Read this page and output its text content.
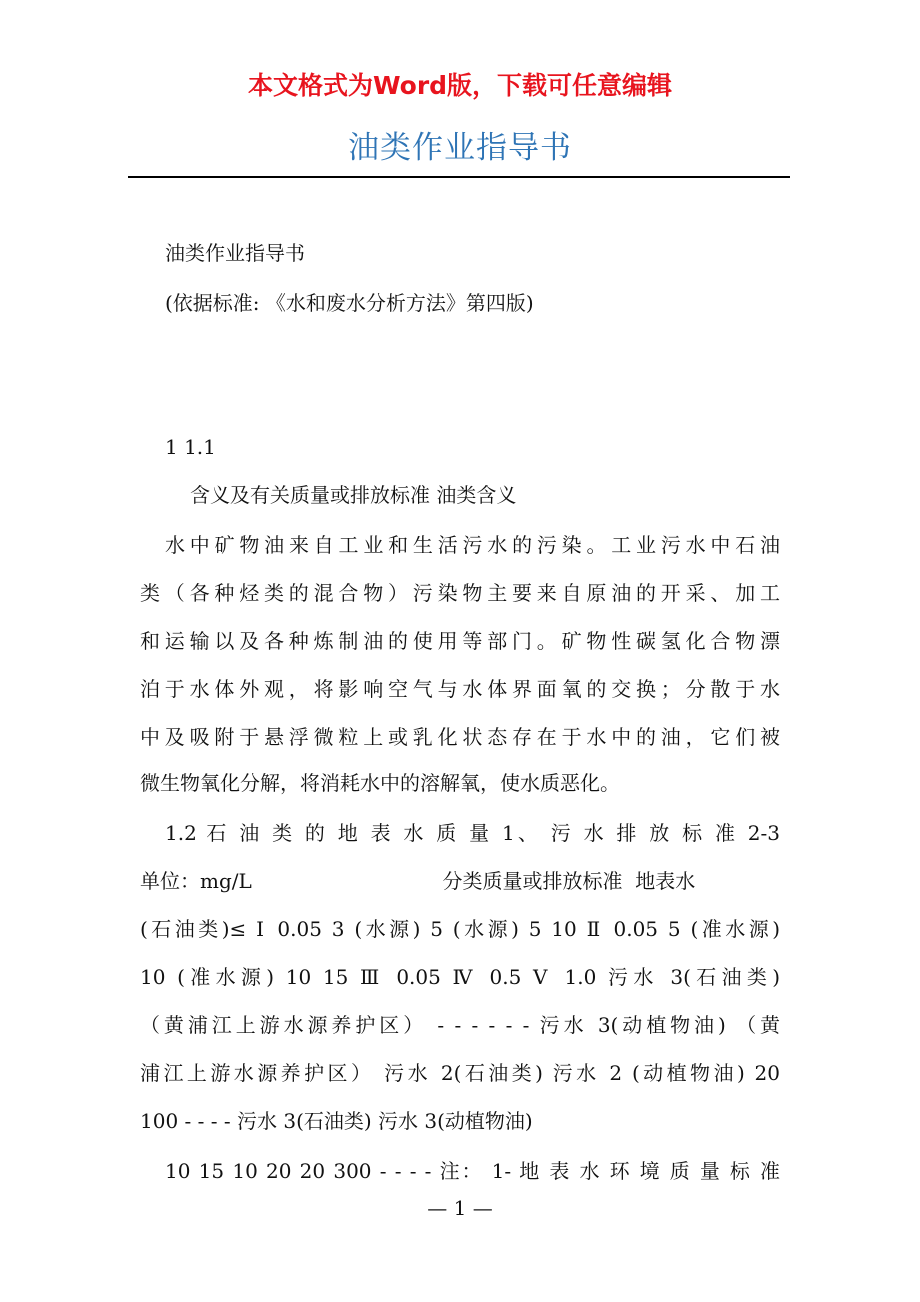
本文格式为Word版，下载可任意编辑
油类作业指导书
油类作业指导书
(依据标准: 《水和废水分析方法》第四版)
1 1.1
含义及有关质量或排放标准 油类含义
水中矿物油来自工业和生活污水的污染。工业污水中石油
类（各种烃类的混合物）污染物主要来自原油的开采、加工
和运输以及各种炼制油的使用等部门。矿物性碳氢化合物漂
泊于水体外观，将影响空气与水体界面氧的交换；分散于水
中及吸附于悬浮微粒上或乳化状态存在于水中的油，它们被
微生物氧化分解，将消耗水中的溶解氧，使水质恶化。
1.2 石 油 类 的 地 表 水 质 量 1、 污 水 排 放 标 准 2-3
单位：mg/L                              分类质量或排放标准  地表水
(石油类)≤ Ⅰ 0.05 3 (水源) 5 (水源) 5 10 Ⅱ 0.05 5 (准水源)
10 (准水源) 10 15 Ⅲ 0.05 Ⅳ 0.5 Ⅴ 1.0 污水 3(石油类)
（黄浦江上游水源养护区） - - - - - - 污水 3(动植物油) （黄
浦江上游水源养护区） 污水 2(石油类) 污水 2 (动植物油) 20
100 - - - - 污水 3(石油类) 污水 3(动植物油)
10 15 10 20 20 300 - - - - 注： 1- 地 表 水 环 境 质 量 标 准
— 1 —
